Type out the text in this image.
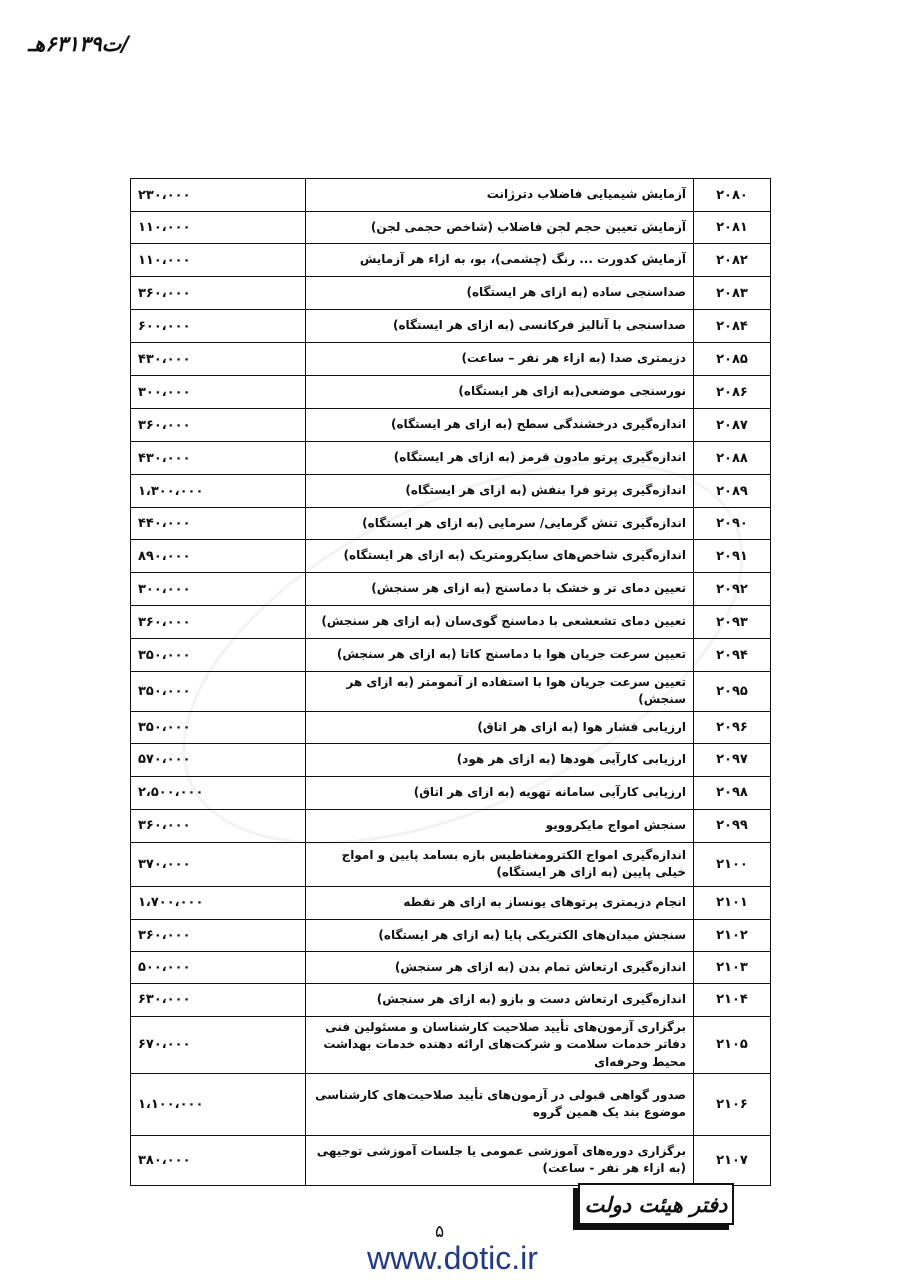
/ت۶۳۱۳۹هـ
۲۰۸۰	آزمایش شیمیایی فاضلاب دترژانت	۲۳۰،۰۰۰
۲۰۸۱	آزمایش تعیین حجم لجن فاضلاب (شاخص حجمی لجن)	۱۱۰،۰۰۰
۲۰۸۲	آزمایش کدورت ... رنگ (چشمی)، بو، به ازاء هر آزمایش	۱۱۰،۰۰۰
۲۰۸۳	صداسنجی ساده (به ازای هر ایستگاه)	۳۶۰،۰۰۰
۲۰۸۴	صداسنجی با آنالیز فرکانسی (به ازای هر ایستگاه)	۶۰۰،۰۰۰
۲۰۸۵	دزیمتری صدا (به ازاء هر نفر – ساعت)	۴۳۰،۰۰۰
۲۰۸۶	نورسنجی موضعی(به ازای هر ایستگاه)	۳۰۰،۰۰۰
۲۰۸۷	اندازه‌گیری درخشندگی سطح (به ازای هر ایستگاه)	۳۶۰،۰۰۰
۲۰۸۸	اندازه‌گیری پرتو مادون قرمز (به ازای هر ایستگاه)	۴۳۰،۰۰۰
۲۰۸۹	اندازه‌گیری پرتو فرا بنفش (به ازای هر ایستگاه)	۱،۳۰۰،۰۰۰
۲۰۹۰	اندازه‌گیری تنش گرمایی/ سرمایی (به ازای هر ایستگاه)	۴۴۰،۰۰۰
۲۰۹۱	اندازه‌گیری شاخص‌های سایکرومتریک (به ازای هر ایستگاه)	۸۹۰،۰۰۰
۲۰۹۲	تعیین دمای تر و خشک با دماسنج (به ازای هر سنجش)	۳۰۰،۰۰۰
۲۰۹۳	تعیین دمای تشعشعی با دماسنج گوی‌سان (به ازای هر سنجش)	۳۶۰،۰۰۰
۲۰۹۴	تعیین سرعت جریان هوا با دماسنج کاتا (به ازای هر سنجش)	۳۵۰،۰۰۰
۲۰۹۵	تعیین سرعت جریان هوا با استفاده از آنمومتر (به ازای هر سنجش)	۳۵۰،۰۰۰
۲۰۹۶	ارزیابی فشار هوا (به ازای هر اتاق)	۳۵۰،۰۰۰
۲۰۹۷	ارزیابی کارآیی هودها (به ازای هر هود)	۵۷۰،۰۰۰
۲۰۹۸	ارزیابی کارآیی سامانه تهویه (به ازای هر اتاق)	۲،۵۰۰،۰۰۰
۲۰۹۹	سنجش امواج مایکروویو	۳۶۰،۰۰۰
۲۱۰۰	اندازه‌گیری امواج الکترومغناطیس بازه بسامد پایین و امواج خیلی پایین (به ازای هر ایستگاه)	۳۷۰،۰۰۰
۲۱۰۱	انجام دزیمتری پرتوهای یونساز به ازای هر نقطه	۱،۷۰۰،۰۰۰
۲۱۰۲	سنجش میدان‌های الکتریکی پایا (به ازای هر ایستگاه)	۳۶۰،۰۰۰
۲۱۰۳	اندازه‌گیری ارتعاش تمام بدن (به ازای هر سنجش)	۵۰۰،۰۰۰
۲۱۰۴	اندازه‌گیری ارتعاش دست و بازو (به ازای هر سنجش)	۶۳۰،۰۰۰
۲۱۰۵	برگزاری آزمون‌های تأیید صلاحیت کارشناسان و مسئولین فنی دفاتر خدمات سلامت و شرکت‌های ارائه دهنده خدمات بهداشت محیط وحرفه‌ای	۶۷۰،۰۰۰
۲۱۰۶	صدور گواهی قبولی در آزمون‌های تأیید صلاحیت‌های کارشناسی موضوع بند یک همین گروه	۱،۱۰۰،۰۰۰
۲۱۰۷	برگزاری دوره‌های آموزشی عمومی یا جلسات آموزشی توجیهی (به ازاء هر نفر - ساعت)	۳۸۰،۰۰۰
دفتر هیئت دولت
۵
www.dotic.ir
